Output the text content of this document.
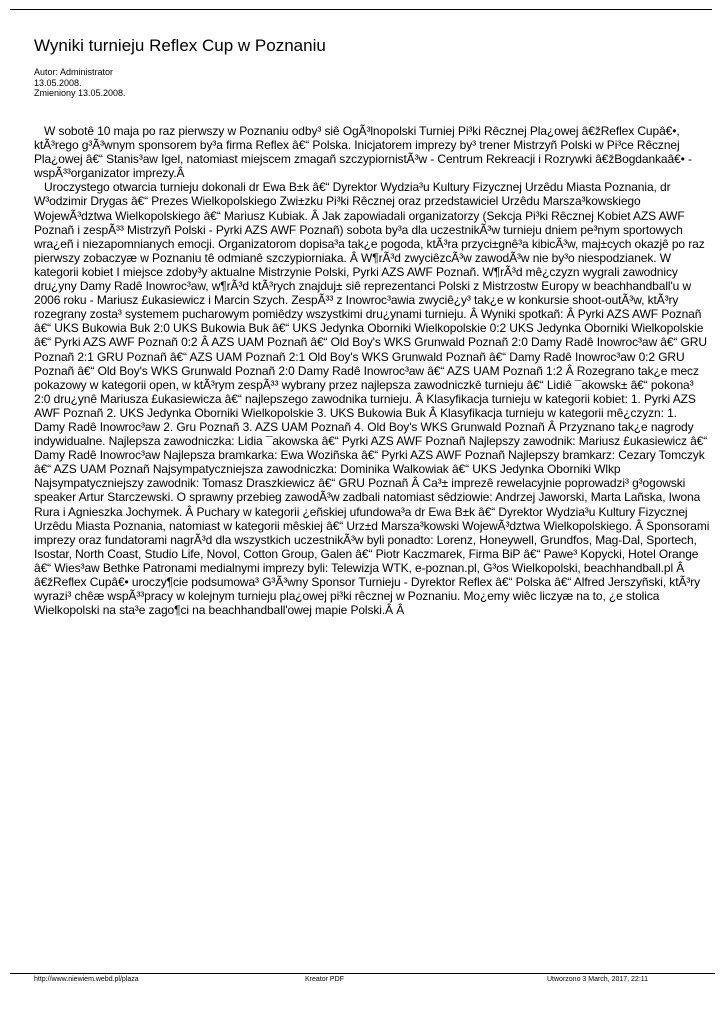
Wyniki turnieju Reflex Cup w Poznaniu
Autor: Administrator
13.05.2008.
Zmieniony 13.05.2008.

W sobotê 10 maja po raz pierwszy w Poznaniu odby³ siê OgÃ³lnopolski Turniej Pi³ki Rêcznej Pla¿owej â€žReflex Cupâ€•, ktÃ³rego g³Ã³wnym sponsorem by³a firma Reflex â€“ Polska. Inicjatorem imprezy by³ trener Mistrzyñ Polski w Pi³ce Rêcznej Pla¿owej â€“ Stanis³aw Igel, natomiast miejscem zmagañ szczypiornistÃ³w - Centrum Rekreacji i Rozrywki â€žBogdankaâ€• - wspÃ³³organizator imprezy.Â

Uroczystego otwarcia turnieju dokonali dr Ewa B±k â€“ Dyrektor Wydzia³u Kultury Fizycznej Urzêdu Miasta Poznania, dr W³odzimir Drygas â€“ Prezes Wielkopolskiego Zwi±zku Pi³ki Rêcznej oraz przedstawiciel Urzêdu Marsza³kowskiego WojewÃ³dztwa Wielkopolskiego â€“ Mariusz Kubiak. Â Jak zapowiadali organizatorzy (Sekcja Pi³ki Rêcznej Kobiet AZS AWF Poznañ i zespÃ³³ Mistrzyñ Polski - Pyrki AZS AWF Poznañ) sobota by³a dla uczestnikÃ³w turnieju dniem pe³nym sportowych wra¿eñ i niezapomnianych emocji. Organizatorom dopisa³a tak¿e pogoda, ktÃ³ra przyci±gnê³a kibicÃ³w, maj±cych okazjê po raz pierwszy zobaczyæ w Poznaniu tê odmianê szczypiorniaka. Â W¶rÃ³d zwyciêzcÃ³w zawodÃ³w nie by³o niespodzianek. W kategorii kobiet I miejsce zdoby³y aktualne Mistrzynie Polski, Pyrki AZS AWF Poznañ. W¶rÃ³d mê¿czyzn wygrali zawodnicy dru¿yny Damy Radê Inowroc³aw, w¶rÃ³d ktÃ³rych znajduj± siê reprezentanci Polski z Mistrzostw Europy w beachhandball'u w 2006 roku - Mariusz £ukasiewicz i Marcin Szych. ZespÃ³³ z Inowroc³awia zwyciê¿y³ tak¿e w konkursie shoot-outÃ³w, ktÃ³ry rozegrany zosta³ systemem pucharowym pomiêdzy wszystkimi dru¿ynami turnieju. Â Wyniki spotkañ: Â Pyrki AZS AWF Poznañ â€“ UKS Bukowia Buk 2:0 UKS Bukowia Buk â€“ UKS Jedynka Oborniki Wielkopolskie 0:2 UKS Jedynka Oborniki Wielkopolskie â€“ Pyrki AZS AWF Poznañ 0:2 Â AZS UAM Poznañ â€“ Old Boy's WKS Grunwald Poznañ 2:0 Damy Radê Inowroc³aw â€“ GRU Poznañ 2:1 GRU Poznañ â€“ AZS UAM Poznañ 2:1 Old Boy's WKS Grunwald Poznañ â€“ Damy Radê Inowroc³aw 0:2 GRU Poznañ â€“ Old Boy's WKS Grunwald Poznañ 2:0 Damy Radê Inowroc³aw â€“ AZS UAM Poznañ 1:2 Â Rozegrano tak¿e mecz pokazowy w kategorii open, w ktÃ³rym zespÃ³³ wybrany przez najlepsza zawodniczkê turnieju â€“ Lidiê ¯akowsk± â€“ pokona³ 2:0 dru¿ynê Mariusza £ukasiewicza â€“ najlepszego zawodnika turnieju. Â Klasyfikacja turnieju w kategorii kobiet: 1. Pyrki AZS AWF Poznañ 2. UKS Jedynka Oborniki Wielkopolskie 3. UKS Bukowia Buk Â Klasyfikacja turnieju w kategorii mê¿czyzn: 1. Damy Radê Inowroc³aw 2. Gru Poznañ 3. AZS UAM Poznañ 4. Old Boy's WKS Grunwald Poznañ Â Przyznano tak¿e nagrody indywidualne. Najlepsza zawodniczka: Lidia ¯akowska â€“ Pyrki AZS AWF Poznañ Najlepszy zawodnik: Mariusz £ukasiewicz â€“ Damy Radê Inowroc³aw Najlepsza bramkarka: Ewa Woziñska â€“ Pyrki AZS AWF Poznañ Najlepszy bramkarz: Cezary Tomczyk â€“ AZS UAM Poznañ Najsympatyczniejsza zawodniczka: Dominika Walkowiak â€“ UKS Jedynka Oborniki Wlkp Najsympatyczniejszy zawodnik: Tomasz Draszkiewicz â€“ GRU Poznañ Â Ca³± imprezê rewelacyjnie poprowadzi³ g³ogowski speaker Artur Starczewski. O sprawny przebieg zawodÃ³w zadbali natomiast sêdziowie: Andrzej Jaworski, Marta Lañska, Iwona Rura i Agnieszka Jochymek. Â Puchary w kategorii ¿eñskiej ufundowa³a dr Ewa B±k â€“ Dyrektor Wydzia³u Kultury Fizycznej Urzêdu Miasta Poznania, natomiast w kategorii mêskiej â€“ Urz±d Marsza³kowski WojewÃ³dztwa Wielkopolskiego. Â Sponsorami imprezy oraz fundatorami nagrÃ³d dla wszystkich uczestnikÃ³w byli ponadto: Lorenz, Honeywell, Grundfos, Mag-Dal, Sportech, Isostar, North Coast, Studio Life, Novol, Cotton Group, Galen â€“ Piotr Kaczmarek, Firma BiP â€“ Pawe³ Kopycki, Hotel Orange â€“ Wies³aw Bethke Patronami medialnymi imprezy byli: Telewizja WTK, e-poznan.pl, G³os Wielkopolski, beachhandball.pl Â â€žReflex Cupâ€• uroczy¶cie podsumowa³ G³Ã³wny Sponsor Turnieju - Dyrektor Reflex â€“ Polska â€“ Alfred Jerszyñski, ktÃ³ry wyrazi³ chêæ wspÃ³³pracy w kolejnym turnieju pla¿owej pi³ki rêcznej w Poznaniu. Mo¿emy wiêc liczyæ na to, ¿e stolica Wielkopolski na sta³e zago¶ci na beachhandball'owej mapie Polski.Â Â

http://www.niewiem.webd.pl/plaza	Kreator PDF	Utworzono 3 March, 2017, 22:11
